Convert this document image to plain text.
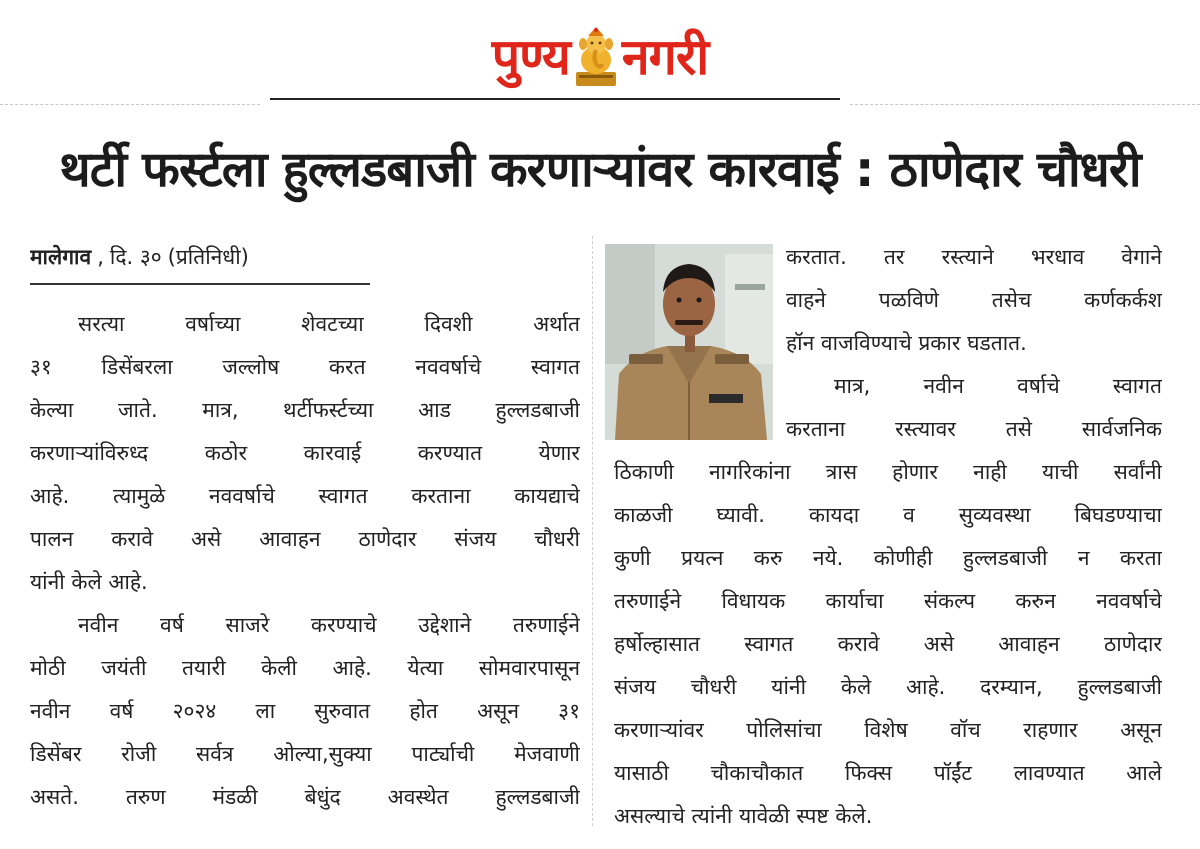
पुण्य नगरी
थर्टी फर्स्टला हुल्लडबाजी करणाऱ्यांवर कारवाई : ठाणेदार चौधरी
मालेगाव , दि. ३० (प्रतिनिधी)
सरत्या वर्षाच्या शेवटच्या दिवशी अर्थात
३१ डिसेंबरला जल्लोष करत नववर्षाचे स्वागत
केल्या जाते. मात्र, थर्टीफर्स्टच्या आड हुल्लडबाजी
करणाऱ्यांविरुध्द कठोर कारवाई करण्यात येणार
आहे. त्यामुळे नववर्षाचे स्वागत करताना कायद्याचे
पालन करावे असे आवाहन ठाणेदार संजय चौधरी
यांनी केले आहे.
नवीन वर्ष साजरे करण्याचे उद्देशाने तरुणाईने
मोठी जयंती तयारी केली आहे. येत्या सोमवारपासून
नवीन वर्ष २०२४ ला सुरुवात होत असून ३१
डिसेंबर रोजी सर्वत्र ओल्या,सुक्या पार्ट्याची मेजवाणी
असते. तरुण मंडळी बेधुंद अवस्थेत हुल्लडबाजी
करतात. तर रस्त्याने भरधाव वेगाने
वाहने पळविणे तसेच कर्णकर्कश
हॉन वाजविण्याचे प्रकार घडतात.
मात्र, नवीन वर्षाचे स्वागत
करताना रस्त्यावर तसे सार्वजनिक
ठिकाणी नागरिकांना त्रास होणार नाही याची सर्वांनी
काळजी घ्यावी. कायदा व सुव्यवस्था बिघडण्याचा
कुणी प्रयत्न करु नये. कोणीही हुल्लडबाजी न करता
तरुणाईने विधायक कार्याचा संकल्प करुन नववर्षाचे
हर्षोल्हासात स्वागत करावे असे आवाहन ठाणेदार
संजय चौधरी यांनी केले आहे. दरम्यान, हुल्लडबाजी
करणाऱ्यांवर पोलिसांचा विशेष वॉच राहणार असून
यासाठी चौकाचौकात फिक्स पॉईंट लावण्यात आले
असल्याचे त्यांनी यावेळी स्पष्ट केले.
